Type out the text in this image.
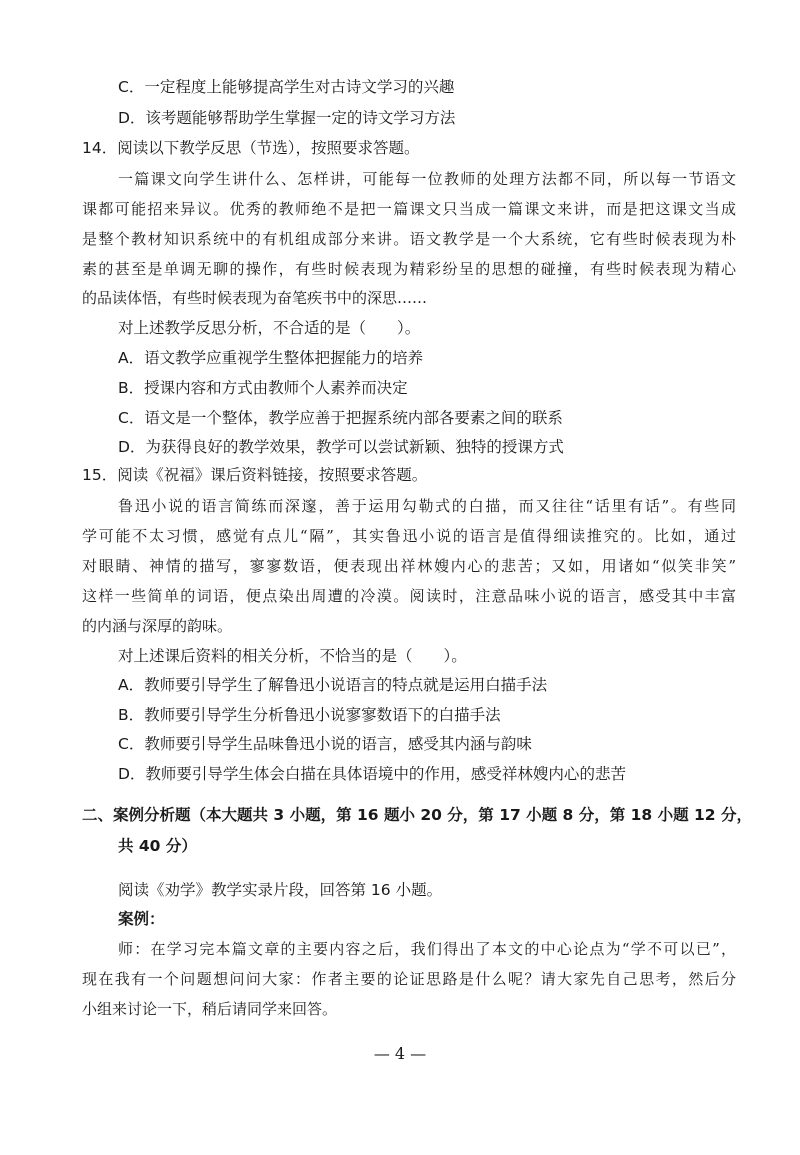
C．一定程度上能够提高学生对古诗文学习的兴趣
D．该考题能够帮助学生掌握一定的诗文学习方法
14．阅读以下教学反思（节选），按照要求答题。
一篇课文向学生讲什么、怎样讲，可能每一位教师的处理方法都不同，所以每一节语文
课都可能招来异议。优秀的教师绝不是把一篇课文只当成一篇课文来讲，而是把这课文当成
是整个教材知识系统中的有机组成部分来讲。语文教学是一个大系统，它有些时候表现为朴
素的甚至是单调无聊的操作，有些时候表现为精彩纷呈的思想的碰撞，有些时候表现为精心
的品读体悟，有些时候表现为奋笔疾书中的深思……
对上述教学反思分析，不合适的是（　　）。
A．语文教学应重视学生整体把握能力的培养
B．授课内容和方式由教师个人素养而决定
C．语文是一个整体，教学应善于把握系统内部各要素之间的联系
D．为获得良好的教学效果，教学可以尝试新颖、独特的授课方式
15．阅读《祝福》课后资料链接，按照要求答题。
鲁迅小说的语言简练而深邃，善于运用勾勒式的白描，而又往往“话里有话”。有些同
学可能不太习惯，感觉有点儿“隔”，其实鲁迅小说的语言是值得细读推究的。比如，通过
对眼睛、神情的描写，寥寥数语，便表现出祥林嫂内心的悲苦；又如，用诸如“似笑非笑”
这样一些简单的词语，便点染出周遭的冷漠。阅读时，注意品味小说的语言，感受其中丰富
的内涵与深厚的韵味。
对上述课后资料的相关分析，不恰当的是（　　）。
A．教师要引导学生了解鲁迅小说语言的特点就是运用白描手法
B．教师要引导学生分析鲁迅小说寥寥数语下的白描手法
C．教师要引导学生品味鲁迅小说的语言，感受其内涵与韵味
D．教师要引导学生体会白描在具体语境中的作用，感受祥林嫂内心的悲苦
二、案例分析题（本大题共 3 小题，第 16 题小 20 分，第 17 小题 8 分，第 18 小题 12 分，
共 40 分）
阅读《劝学》教学实录片段，回答第 16 小题。
案例：
师：在学习完本篇文章的主要内容之后，我们得出了本文的中心论点为“学不可以已”，
现在我有一个问题想问问大家：作者主要的论证思路是什么呢？请大家先自己思考，然后分
小组来讨论一下，稍后请同学来回答。
— 4 —
